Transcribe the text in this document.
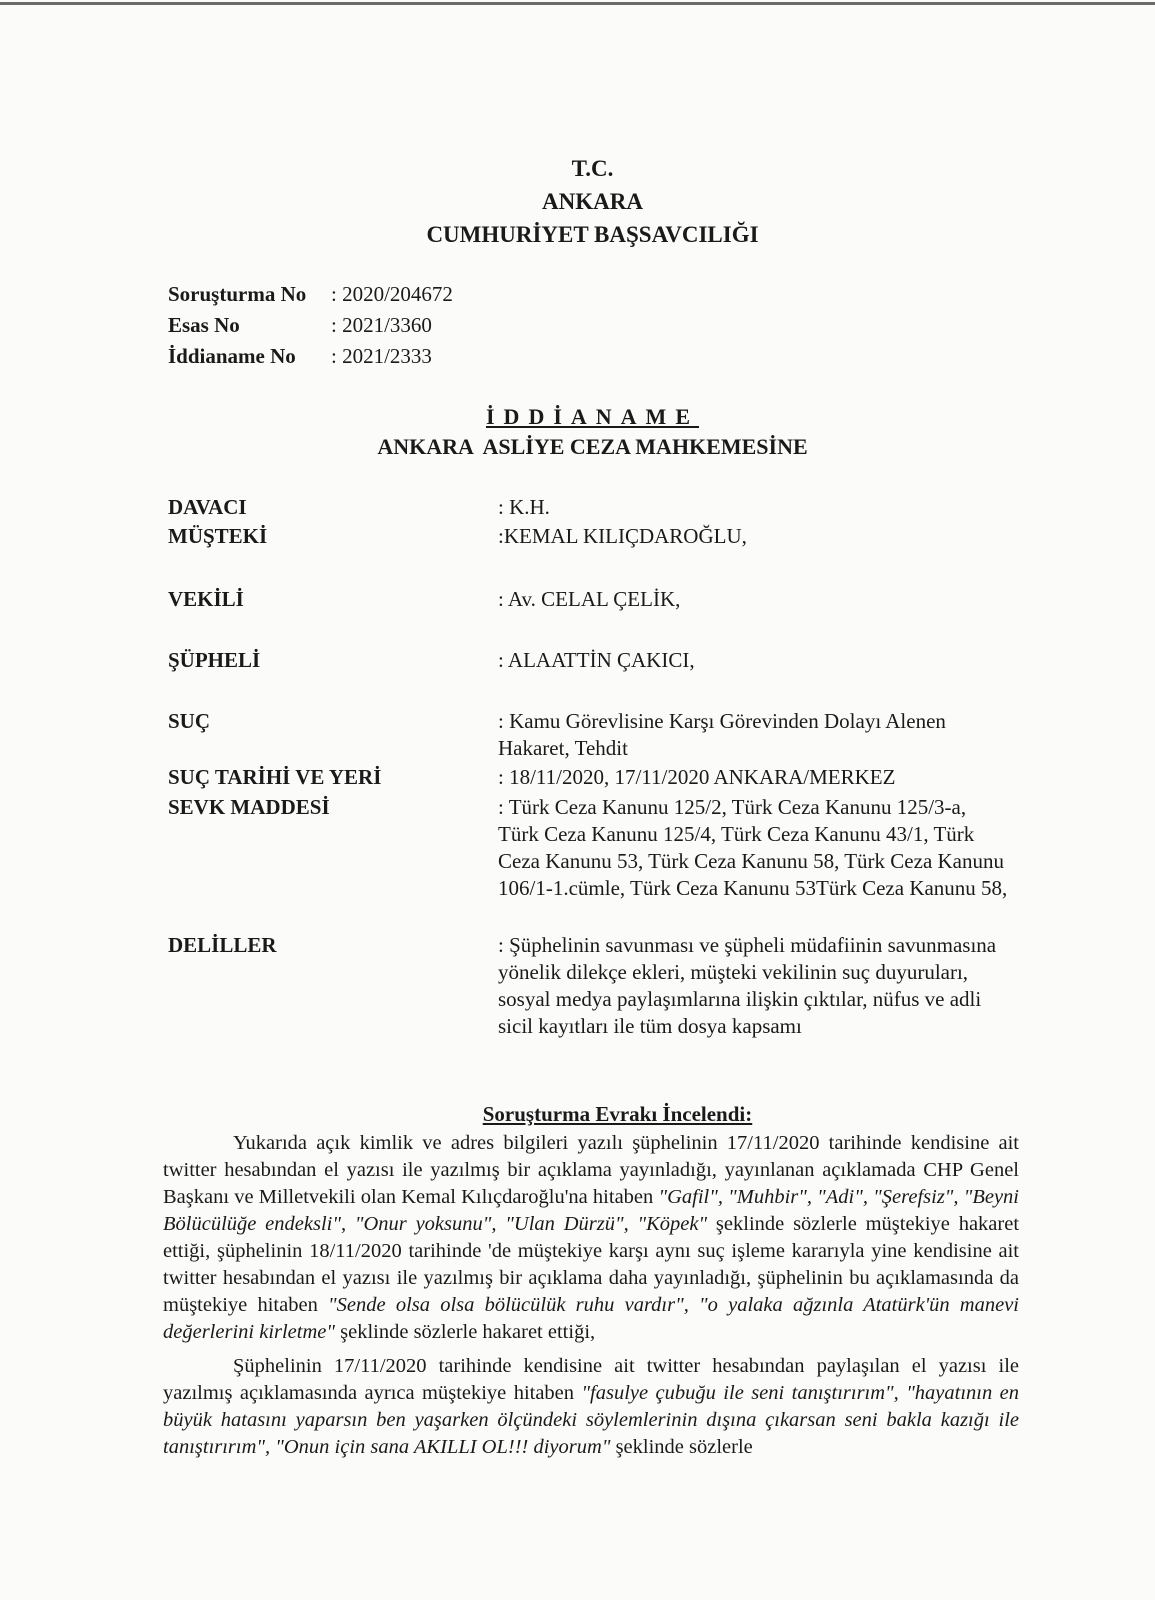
T.C.
ANKARA
CUMHURİYET BAŞSAVCILIĞI
Soruşturma No	: 2020/204672
Esas No	: 2021/3360
İddianame No	: 2021/2333
İDDİANAME
ANKARA  ASLİYE CEZA MAHKEMESİNE
DAVACI	: K.H.
MÜŞTEKİ	:KEMAL KILIÇDAROĞLU,
VEKİLİ	: Av. CELAL ÇELİK,
ŞÜPHELİ	: ALAATTİN ÇAKICI,
SUÇ	: Kamu Görevlisine Karşı Görevinden Dolayı Alenen Hakaret, Tehdit
SUÇ TARİHİ VE YERİ	: 18/11/2020, 17/11/2020 ANKARA/MERKEZ
SEVK MADDESİ	: Türk Ceza Kanunu 125/2, Türk Ceza Kanunu 125/3-a, Türk Ceza Kanunu 125/4, Türk Ceza Kanunu 43/1, Türk Ceza Kanunu 53, Türk Ceza Kanunu 58, Türk Ceza Kanunu 106/1-1.cümle, Türk Ceza Kanunu 53Türk Ceza Kanunu 58,
DELİLLER	: Şüphelinin savunması ve şüpheli müdafiinin savunmasına yönelik dilekçe ekleri, müşteki vekilinin suç duyuruları, sosyal medya paylaşımlarına ilişkin çıktılar, nüfus ve adli sicil kayıtları ile tüm dosya kapsamı
Soruşturma Evrakı İncelendi:

Yukarıda açık kimlik ve adres bilgileri yazılı şüphelinin 17/11/2020 tarihinde kendisine ait twitter hesabından el yazısı ile yazılmış bir açıklama yayınladığı, yayınlanan açıklamada CHP Genel Başkanı ve Milletvekili olan Kemal Kılıçdaroğlu'na hitaben "Gafil", "Muhbir", "Adi", "Şerefsiz", "Beyni Bölücülüğe endeksli", "Onur yoksunu", "Ulan Dürzü", "Köpek" şeklinde sözlerle müştekiye hakaret ettiği, şüphelinin 18/11/2020 tarihinde 'de müştekiye karşı aynı suç işleme kararıyla yine kendisine ait twitter hesabından el yazısı ile yazılmış bir açıklama daha yayınladığı, şüphelinin bu açıklamasında da müştekiye hitaben "Sende olsa olsa bölücülük ruhu vardır", "o yalaka ağzınla Atatürk'ün manevi değerlerini kirletme" şeklinde sözlerle hakaret ettiği,

Şüphelinin 17/11/2020 tarihinde kendisine ait twitter hesabından paylaşılan el yazısı ile yazılmış açıklamasında ayrıca müştekiye hitaben "fasulye çubuğu ile seni tanıştırırım", "hayatının en büyük hatasını yaparsın ben yaşarken ölçündeki söylemlerinin dışına çıkarsan seni bakla kazığı ile tanıştırırım", "Onun için sana AKILLI OL!!! diyorum" şeklinde sözlerle
